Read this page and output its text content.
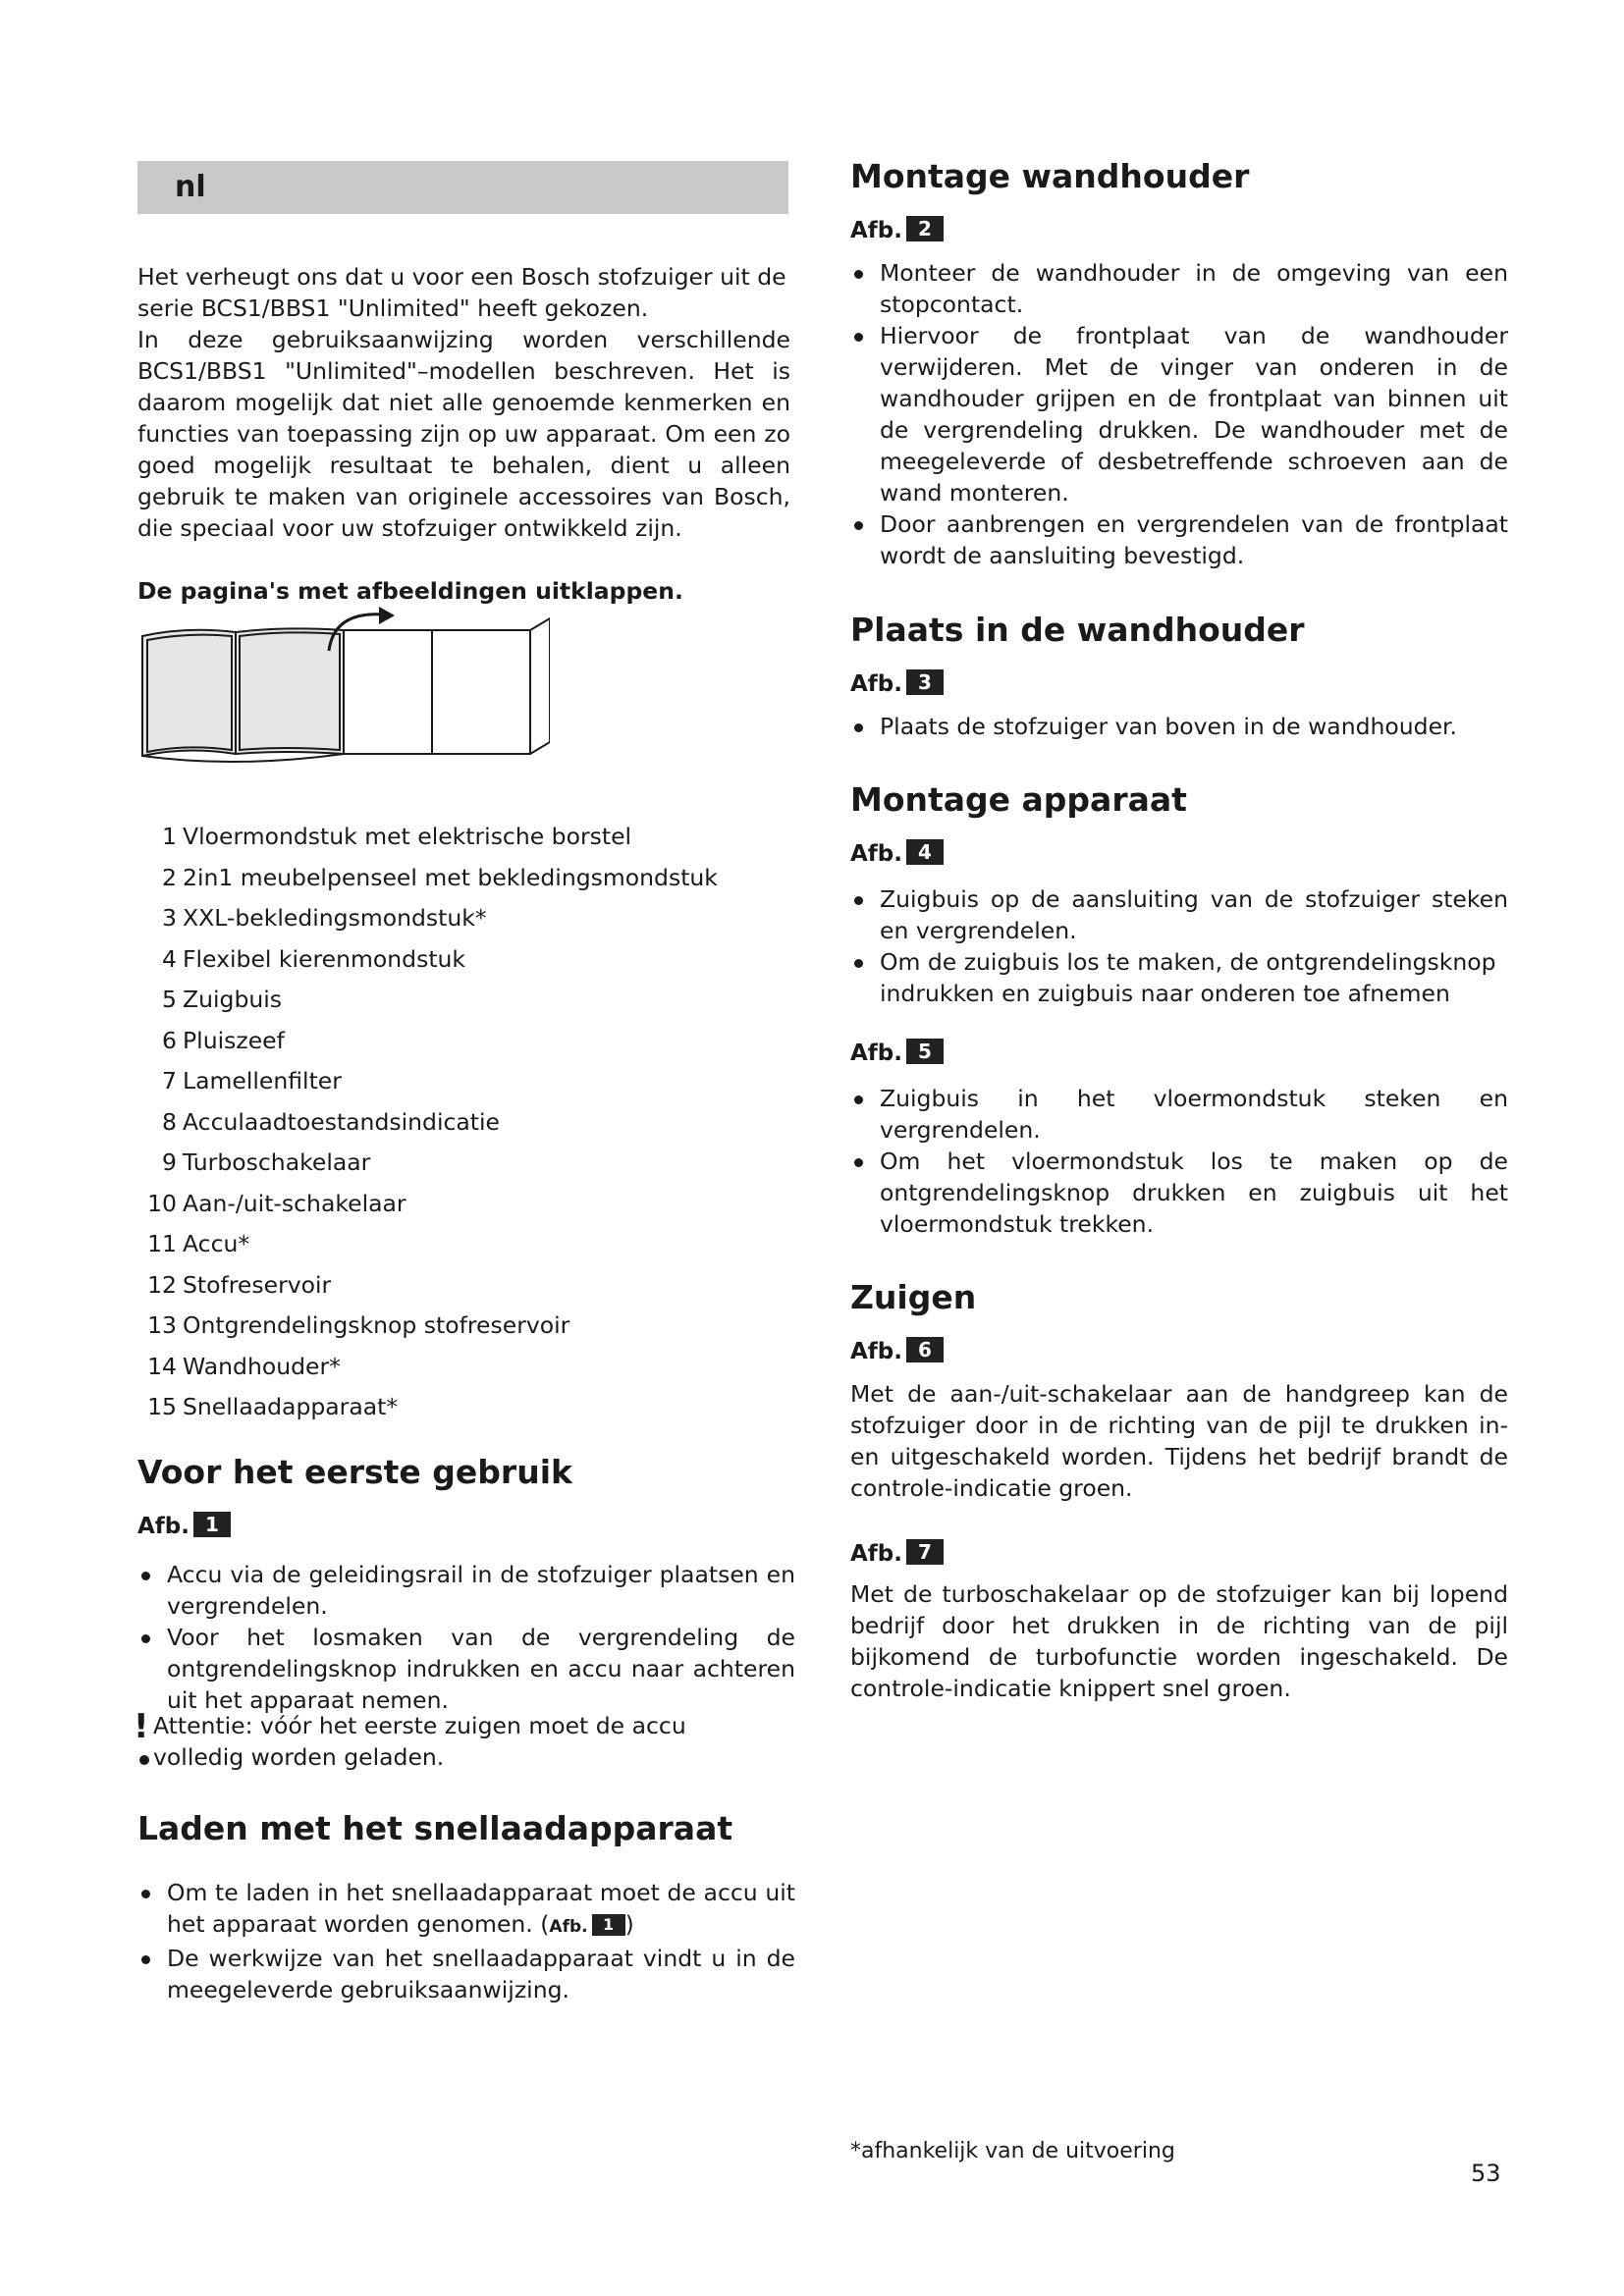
nl

Het verheugt ons dat u voor een Bosch stofzuiger uit de serie BCS1/BBS1 "Unlimited" heeft gekozen.

In deze gebruiksaanwijzing worden verschillende BCS1/BBS1 "Unlimited"–modellen beschreven. Het is daarom mogelijk dat niet alle genoemde kenmerken en functies van toepassing zijn op uw apparaat. Om een zo goed mogelijk resultaat te behalen, dient u alleen gebruik te maken van originele accessoires van Bosch, die speciaal voor uw stofzuiger ontwikkeld zijn.

De pagina's met afbeeldingen uitklappen.
1 Vloermondstuk met elektrische borstel
2 2in1 meubelpenseel met bekledingsmondstuk
3 XXL-bekledingsmondstuk*
4 Flexibel kierenmondstuk
5 Zuigbuis
6 Pluiszeef
7 Lamellenfilter
8 Acculaadtoestandsindicatie
9 Turboschakelaar
10 Aan-/uit-schakelaar
11 Accu*
12 Stofreservoir
13 Ontgrendelingsknop stofreservoir
14 Wandhouder*
15 Snellaadapparaat*
Voor het eerste gebruik
Afb. 1
Accu via de geleidingsrail in de stofzuiger plaatsen en vergrendelen.
Voor het losmaken van de vergrendeling de ontgrendelingsknop indrukken en accu naar achteren uit het apparaat nemen.
! Attentie: vóór het eerste zuigen moet de accu volledig worden geladen.

Laden met het snellaadapparaat
Om te laden in het snellaadapparaat moet de accu uit het apparaat worden genomen. (Afb. 1 )
De werkwijze van het snellaadapparaat vindt u in de meegeleverde gebruiksaanwijzing.
Montage wandhouder
Afb. 2
Monteer de wandhouder in de omgeving van een stopcontact.
Hiervoor de frontplaat van de wandhouder verwijderen. Met de vinger van onderen in de wandhouder grijpen en de frontplaat van binnen uit de vergrendeling drukken. De wandhouder met de meegeleverde of desbetreffende schroeven aan de wand monteren.
Door aanbrengen en vergrendelen van de frontplaat wordt de aansluiting bevestigd.
Plaats in de wandhouder
Afb. 3
Plaats de stofzuiger van boven in de wandhouder.
Montage apparaat
Afb. 4
Zuigbuis op de aansluiting van de stofzuiger steken en vergrendelen.
Om de zuigbuis los te maken, de ontgrendelingsknop indrukken en zuigbuis naar onderen toe afnemen
Afb. 5
Zuigbuis in het vloermondstuk steken en vergrendelen.
Om het vloermondstuk los te maken op de ontgrendelingsknop drukken en zuigbuis uit het vloermondstuk trekken.
Zuigen
Afb. 6

Met de aan-/uit-schakelaar aan de handgreep kan de stofzuiger door in de richting van de pijl te drukken in- en uitgeschakeld worden. Tijdens het bedrijf brandt de controle-indicatie groen.

Afb. 7

Met de turboschakelaar op de stofzuiger kan bij lopend bedrijf door het drukken in de richting van de pijl bijkomend de turbofunctie worden ingeschakeld. De controle-indicatie knippert snel groen.

*afhankelijk van de uitvoering
53
